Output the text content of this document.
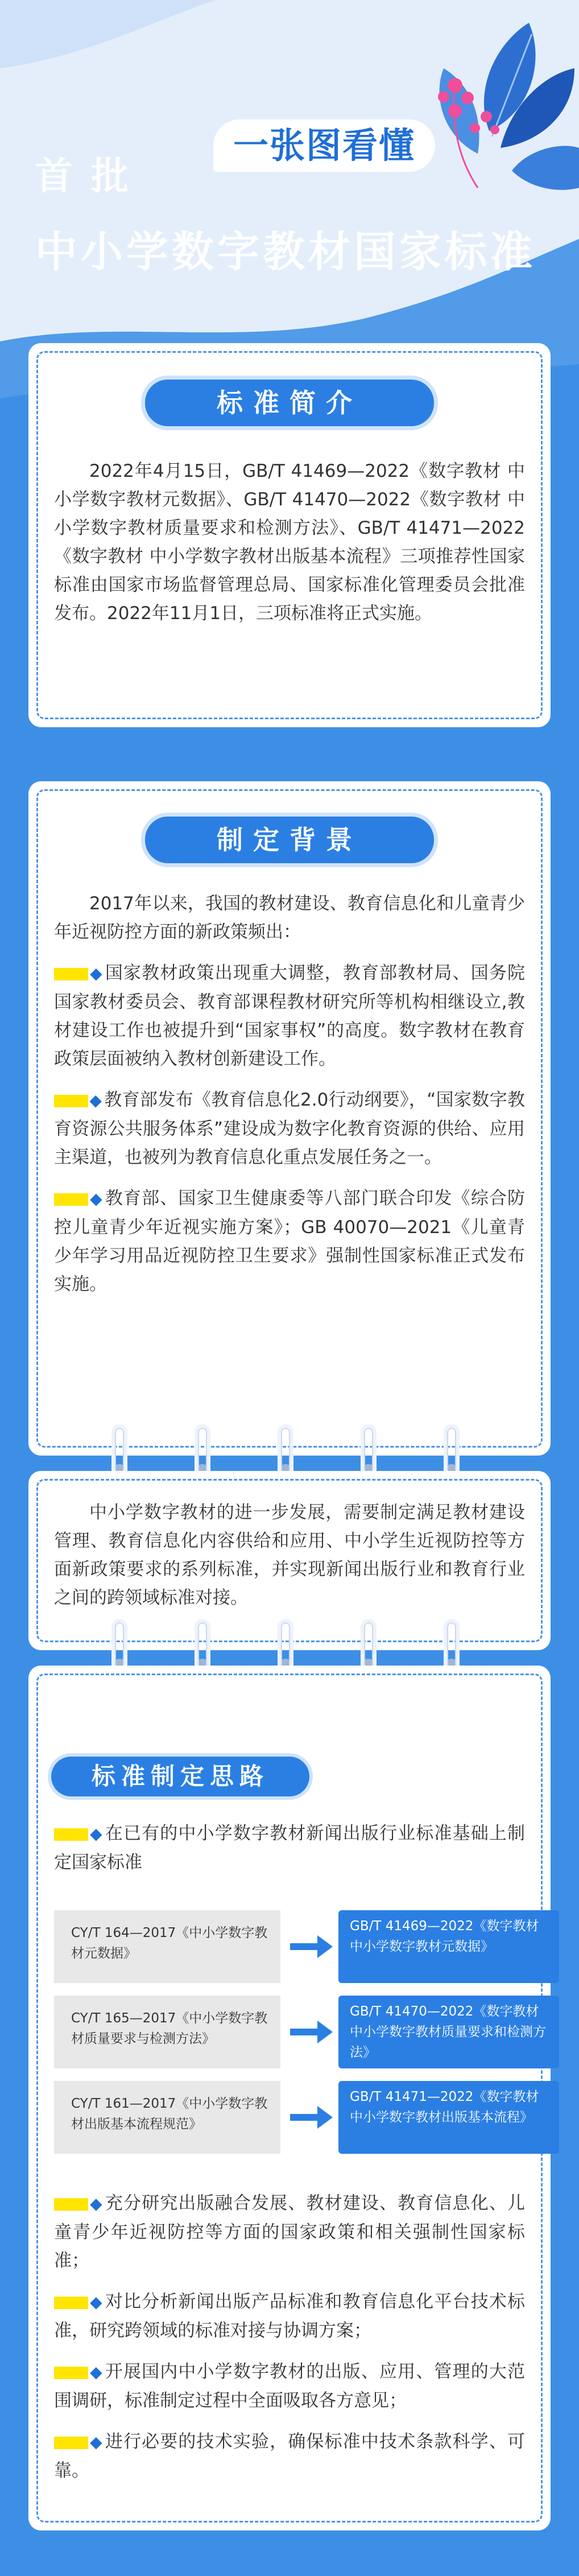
一张图看懂
首批
中小学数字教材国家标准
标准简介
2022年4月15日，GB/T 41469—2022《数字教材 中小学数字教材元数据》、GB/T 41470—2022《数字教材 中小学数字教材质量要求和检测方法》、GB/T 41471—2022《数字教材 中小学数字教材出版基本流程》三项推荐性国家标准由国家市场监督管理总局、国家标准化管理委员会批准发布。2022年11月1日，三项标准将正式实施。
制定背景

2017年以来，我国的教材建设、教育信息化和儿童青少年近视防控方面的新政策频出：

◆ 国家教材政策出现重大调整，教育部教材局、国务院国家教材委员会、教育部课程教材研究所等机构相继设立,教材建设工作也被提升到“国家事权”的高度。数字教材在教育政策层面被纳入教材创新建设工作。

◆ 教育部发布《教育信息化2.0行动纲要》，“国家数字教育资源公共服务体系”建设成为数字化教育资源的供给、应用主渠道，也被列为教育信息化重点发展任务之一。

◆ 教育部、国家卫生健康委等八部门联合印发《综合防控儿童青少年近视实施方案》；GB 40070—2021《儿童青少年学习用品近视防控卫生要求》强制性国家标准正式发布实施。

中小学数字教材的进一步发展，需要制定满足教材建设管理、教育信息化内容供给和应用、中小学生近视防控等方面新政策要求的系列标准，并实现新闻出版行业和教育行业之间的跨领域标准对接。
标准制定思路

◆ 在已有的中小学数字教材新闻出版行业标准基础上制定国家标准

CY/T 164—2017《中小学数字教材元数据》
GB/T 41469—2022《数字教材 中小学数字教材元数据》
CY/T 165—2017《中小学数字教材质量要求与检测方法》
GB/T 41470—2022《数字教材 中小学数字教材质量要求和检测方法》
CY/T 161—2017《中小学数字教材出版基本流程规范》
GB/T 41471—2022《数字教材 中小学数字教材出版基本流程》

◆ 充分研究出版融合发展、教材建设、教育信息化、儿童青少年近视防控等方面的国家政策和相关强制性国家标准；

◆ 对比分析新闻出版产品标准和教育信息化平台技术标准，研究跨领域的标准对接与协调方案；

◆ 开展国内中小学数字教材的出版、应用、管理的大范围调研，标准制定过程中全面吸取各方意见；

◆ 进行必要的技术实验，确保标准中技术条款科学、可靠。
